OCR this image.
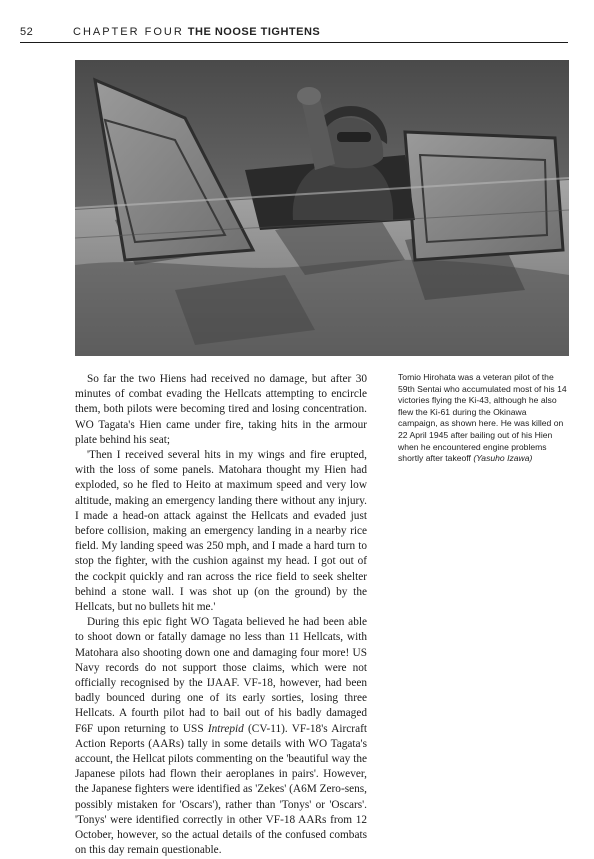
52	CHAPTER FOUR THE NOOSE TIGHTENS

So far the two Hiens had received no damage, but after 30 minutes of combat evading the Hellcats attempting to encircle them, both pilots were becoming tired and losing concentration. WO Tagata's Hien came under fire, taking hits in the armour plate behind his seat;

'Then I received several hits in my wings and fire erupted, with the loss of some panels. Matohara thought my Hien had exploded, so he fled to Heito at maximum speed and very low altitude, making an emergency landing there without any injury. I made a head-on attack against the Hellcats and evaded just before collision, making an emergency landing in a nearby rice field. My landing speed was 250 mph, and I made a hard turn to stop the fighter, with the cushion against my head. I got out of the cockpit quickly and ran across the rice field to seek shelter behind a stone wall. I was shot up (on the ground) by the Hellcats, but no bullets hit me.'

During this epic fight WO Tagata believed he had been able to shoot down or fatally damage no less than 11 Hellcats, with Matohara also shooting down one and damaging four more! US Navy records do not support those claims, which were not officially recognised by the IJAAF. VF-18, however, had been badly bounced during one of its early sorties, losing three Hellcats. A fourth pilot had to bail out of his badly damaged F6F upon returning to USS Intrepid (CV-11). VF-18's Aircraft Action Reports (AARs) tally in some details with WO Tagata's account, the Hellcat pilots commenting on the 'beautiful way the Japanese pilots had flown their aeroplanes in pairs'. However, the Japanese fighters were identified as 'Zekes' (A6M Zero-sens, possibly mistaken for 'Oscars'), rather than 'Tonys' or 'Oscars'. 'Tonys' were identified correctly in other VF-18 AARs from 12 October, however, so the actual details of the confused combats on this day remain questionable.

Tomio Hirohata was a veteran pilot of the 59th Sentai who accumulated most of his 14 victories flying the Ki-43, although he also flew the Ki-61 during the Okinawa campaign, as shown here. He was killed on 22 April 1945 after bailing out of his Hien when he encountered engine problems shortly after takeoff (Yasuho Izawa)
